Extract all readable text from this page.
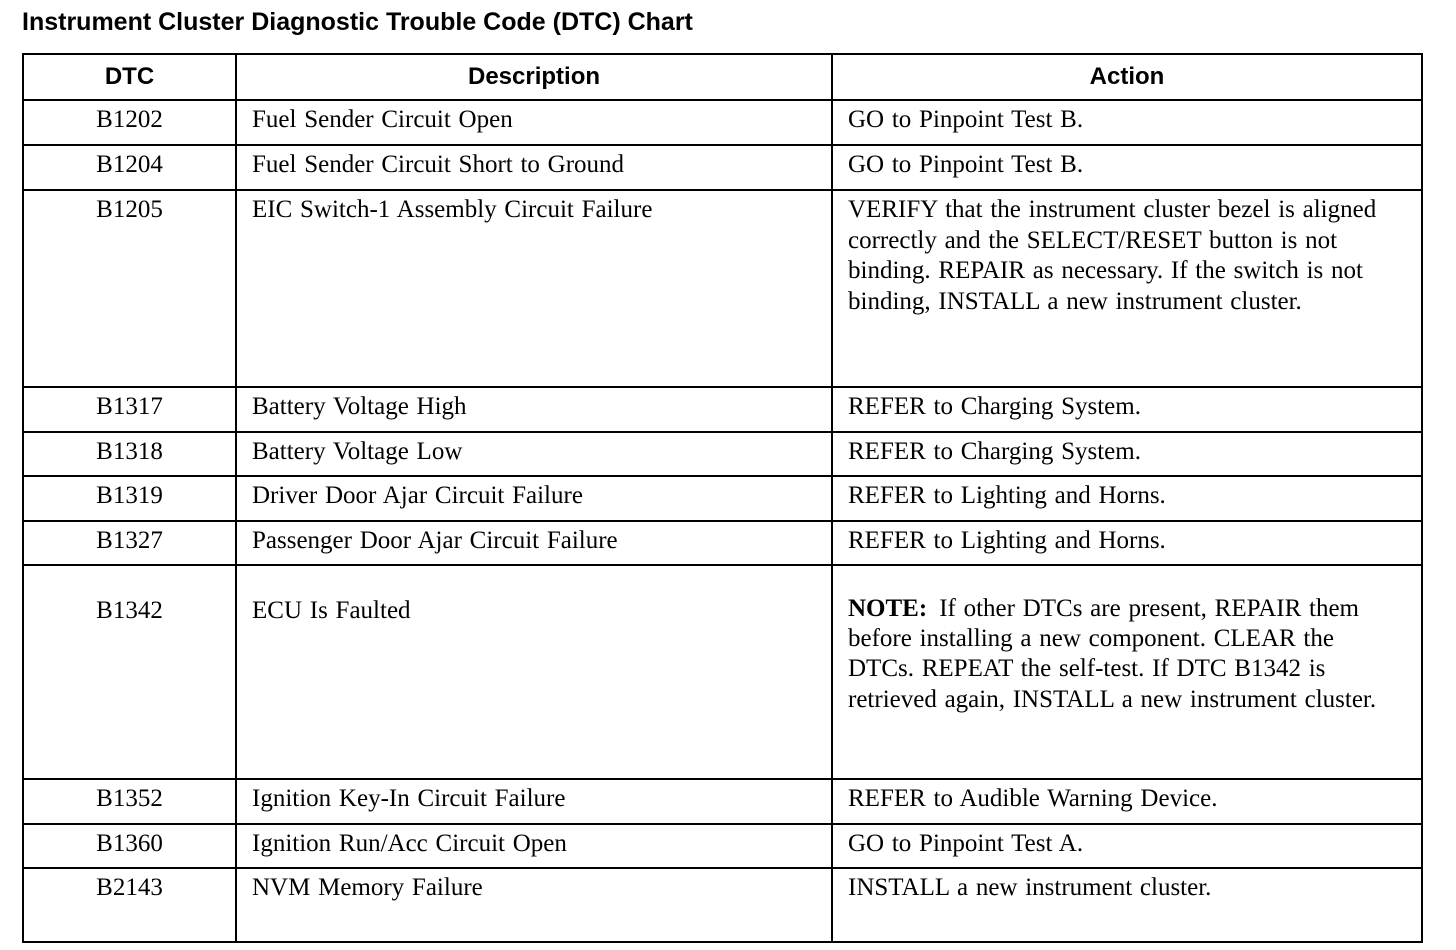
Instrument Cluster Diagnostic Trouble Code (DTC) Chart
DTC	Description	Action
B1202	Fuel Sender Circuit Open	GO to Pinpoint Test B.
B1204	Fuel Sender Circuit Short to Ground	GO to Pinpoint Test B.
B1205	EIC Switch-1 Assembly Circuit Failure	VERIFY that the instrument cluster bezel is aligned correctly and the SELECT/RESET button is not binding. REPAIR as necessary. If the switch is not binding, INSTALL a new instrument cluster.
B1317	Battery Voltage High	REFER to Charging System.
B1318	Battery Voltage Low	REFER to Charging System.
B1319	Driver Door Ajar Circuit Failure	REFER to Lighting and Horns.
B1327	Passenger Door Ajar Circuit Failure	REFER to Lighting and Horns.
B1342	ECU Is Faulted	NOTE: If other DTCs are present, REPAIR them before installing a new component. CLEAR the DTCs. REPEAT the self-test. If DTC B1342 is retrieved again, INSTALL a new instrument cluster.
B1352	Ignition Key-In Circuit Failure	REFER to Audible Warning Device.
B1360	Ignition Run/Acc Circuit Open	GO to Pinpoint Test A.
B2143	NVM Memory Failure	INSTALL a new instrument cluster.
